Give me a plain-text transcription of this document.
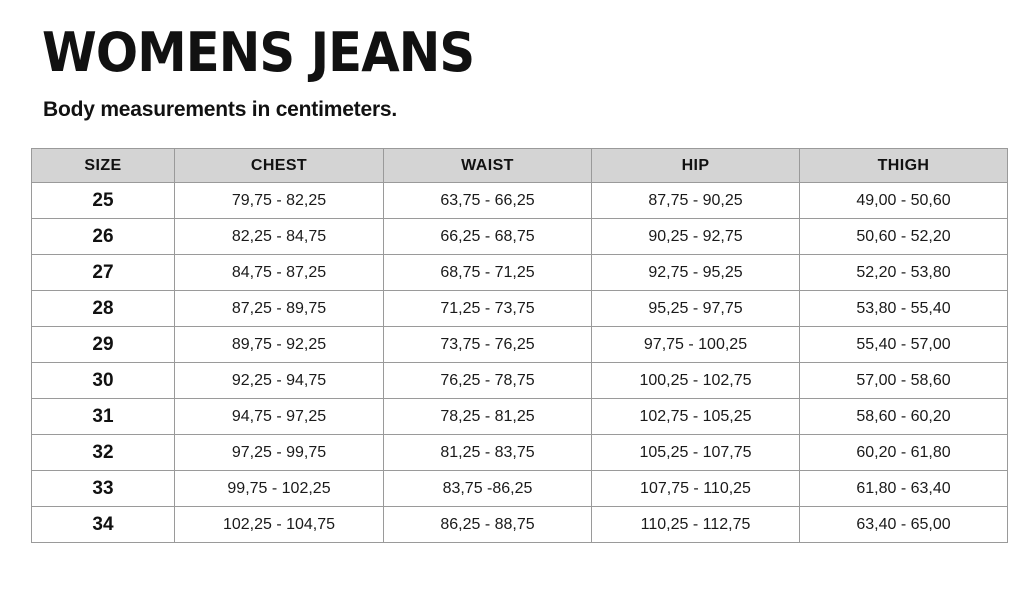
WOMENS JEANS
Body measurements in centimeters.
SIZE	CHEST	WAIST	HIP	THIGH
25	79,75 - 82,25	63,75 - 66,25	87,75 - 90,25	49,00 - 50,60
26	82,25 - 84,75	66,25 - 68,75	90,25 - 92,75	50,60 - 52,20
27	84,75 - 87,25	68,75 - 71,25	92,75 - 95,25	52,20 - 53,80
28	87,25 - 89,75	71,25 - 73,75	95,25 - 97,75	53,80 - 55,40
29	89,75 - 92,25	73,75 - 76,25	97,75 - 100,25	55,40 - 57,00
30	92,25 - 94,75	76,25 - 78,75	100,25 - 102,75	57,00 - 58,60
31	94,75 - 97,25	78,25 - 81,25	102,75 - 105,25	58,60 - 60,20
32	97,25 - 99,75	81,25 - 83,75	105,25 - 107,75	60,20 - 61,80
33	99,75 - 102,25	83,75 -86,25	107,75 - 110,25	61,80 - 63,40
34	102,25 - 104,75	86,25 - 88,75	110,25 - 112,75	63,40 - 65,00
